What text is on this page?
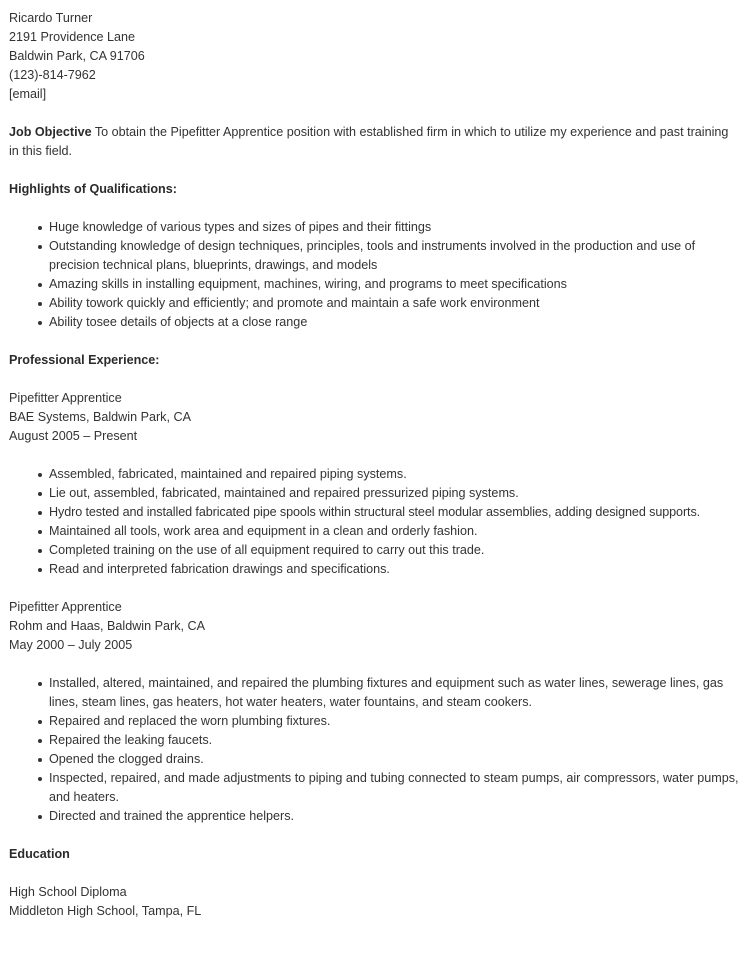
Ricardo Turner
2191 Providence Lane
Baldwin Park, CA 91706
(123)-814-7962
[email]

Job Objective To obtain the Pipefitter Apprentice position with established firm in which to utilize my experience and past training in this field.

Highlights of Qualifications:
Huge knowledge of various types and sizes of pipes and their fittings
Outstanding knowledge of design techniques, principles, tools and instruments involved in the production and use of precision technical plans, blueprints, drawings, and models
Amazing skills in installing equipment, machines, wiring, and programs to meet specifications
Ability towork quickly and efficiently; and promote and maintain a safe work environment
Ability tosee details of objects at a close range
Professional Experience:
Pipefitter Apprentice
BAE Systems, Baldwin Park, CA
August 2005 – Present
Assembled, fabricated, maintained and repaired piping systems.
Lie out, assembled, fabricated, maintained and repaired pressurized piping systems.
Hydro tested and installed fabricated pipe spools within structural steel modular assemblies, adding designed supports.
Maintained all tools, work area and equipment in a clean and orderly fashion.
Completed training on the use of all equipment required to carry out this trade.
Read and interpreted fabrication drawings and specifications.
Pipefitter Apprentice
Rohm and Haas, Baldwin Park, CA
May 2000 – July 2005
Installed, altered, maintained, and repaired the plumbing fixtures and equipment such as water lines, sewerage lines, gas lines, steam lines, gas heaters, hot water heaters, water fountains, and steam cookers.
Repaired and replaced the worn plumbing fixtures.
Repaired the leaking faucets.
Opened the clogged drains.
Inspected, repaired, and made adjustments to piping and tubing connected to steam pumps, air compressors, water pumps, and heaters.
Directed and trained the apprentice helpers.
Education
High School Diploma
Middleton High School, Tampa, FL
